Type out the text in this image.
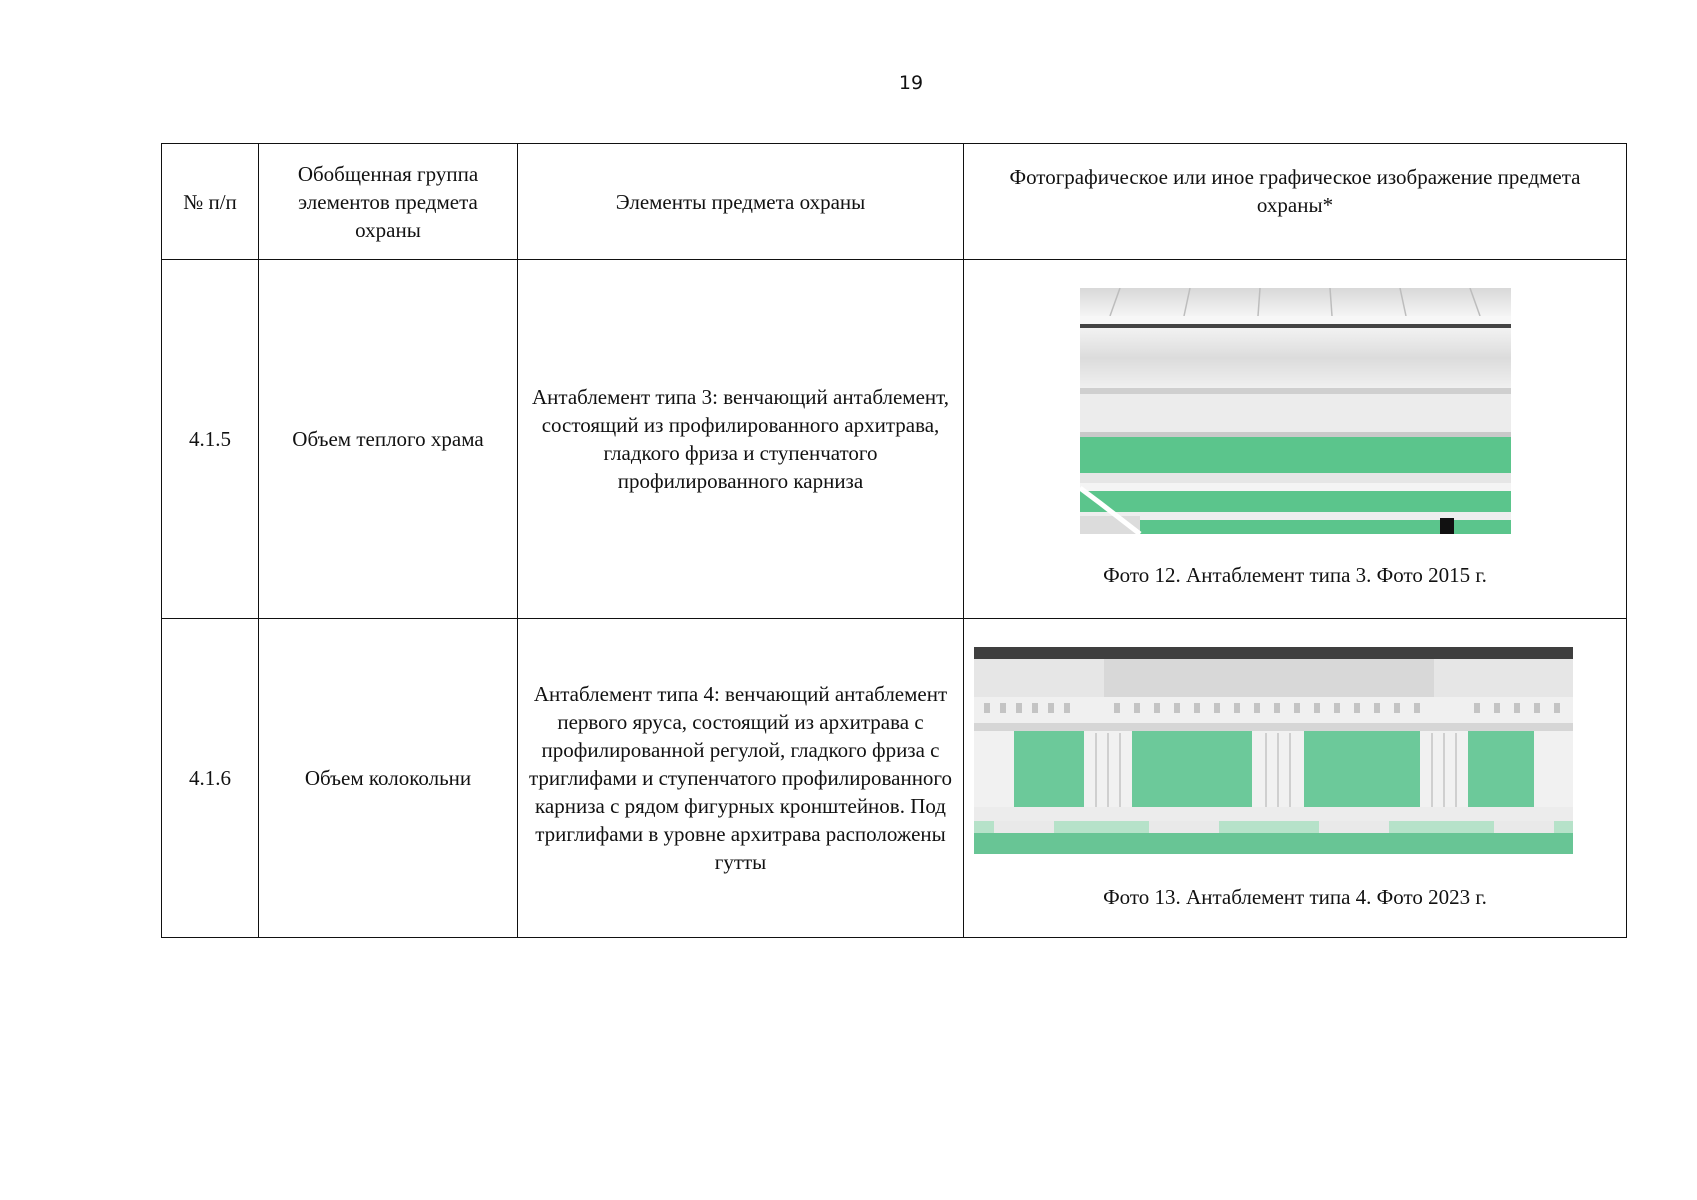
19
№ п/п	Обобщенная группа элементов предмета охраны	Элементы предмета охраны	Фотографическое или иное графическое изображение предмета охраны*
4.1.5	Объем теплого храма	Антаблемент типа 3: венчающий антаблемент, состоящий из профилированного архитрава, гладкого фриза и ступенчатого профилированного карниза	Фото 12. Антаблемент типа 3. Фото 2015 г.

4.1.6	Объем колокольни	Антаблемент типа 4: венчающий антаблемент первого яруса, состоящий из архитрава с профилированной регулой, гладкого фриза с триглифами и ступенчатого профилированного карниза с рядом фигурных кронштейнов. Под триглифами в уровне архитрава расположены гутты	Фото 13. Антаблемент типа 4. Фото 2023 г.
